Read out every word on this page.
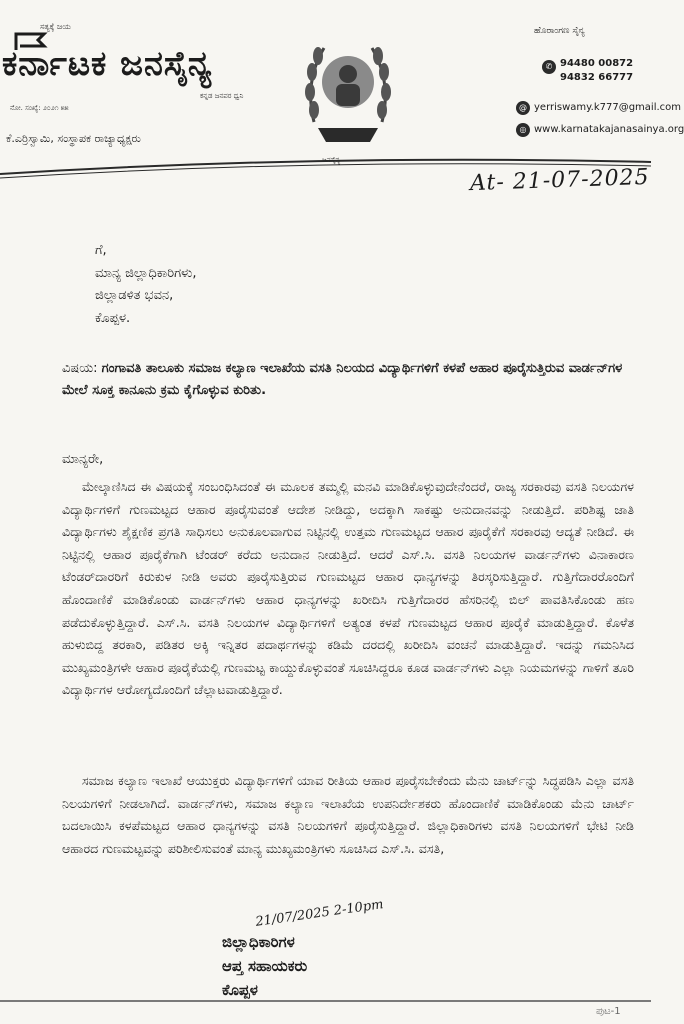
ಸತ್ಯಕ್ಕೆ ಜಯ
ಕರ್ನಾಟಕ ಜನಸೈನ್ಯ
ಕನ್ನಡ ಜನಪರ ಧ್ವನಿ
ನೋ. ಸಂಖ್ಯೆ: ೨೦೨೧ ೫೫
ಕೆ.ಎರ್ರಿಸ್ವಾಮಿ, ಸಂಸ್ಥಾಪಕ ರಾಜ್ಯಾಧ್ಯಕ್ಷರು
ಜನಸೈನ್ಯ
ಹೊರಾಂಗಣ ಸೈನ್ಯ
✆ 94480 00872
94832 66777
@ yerriswamy.k777@gmail.com
◎ www.karnatakajanasainya.org
At- 21-07-2025
ಗೆ,
ಮಾನ್ಯ ಜಿಲ್ಲಾಧಿಕಾರಿಗಳು,
ಜಿಲ್ಲಾಡಳಿತ ಭವನ,
ಕೊಪ್ಪಳ.
ವಿಷಯ: ಗಂಗಾವತಿ ತಾಲೂಕು ಸಮಾಜ ಕಲ್ಯಾಣ ಇಲಾಖೆಯ ವಸತಿ ನಿಲಯದ ವಿದ್ಯಾರ್ಥಿಗಳಿಗೆ ಕಳಪೆ ಆಹಾರ ಪೂರೈಸುತ್ತಿರುವ ವಾರ್ಡನ್‌ಗಳ ಮೇಲೆ ಸೂಕ್ತ ಕಾನೂನು ಕ್ರಮ ಕೈಗೊಳ್ಳುವ ಕುರಿತು.
ಮಾನ್ಯರೇ,
ಮೇಲ್ಕಾಣಿಸಿದ ಈ ವಿಷಯಕ್ಕೆ ಸಂಬಂಧಿಸಿದಂತೆ ಈ ಮೂಲಕ ತಮ್ಮಲ್ಲಿ ಮನವಿ ಮಾಡಿಕೊಳ್ಳುವುದೇನೆಂದರೆ, ರಾಜ್ಯ ಸರಕಾರವು ವಸತಿ ನಿಲಯಗಳ ವಿದ್ಯಾರ್ಥಿಗಳಿಗೆ ಗುಣಮಟ್ಟದ ಆಹಾರ ಪೂರೈಸುವಂತೆ ಆದೇಶ ನೀಡಿದ್ದು, ಅದಕ್ಕಾಗಿ ಸಾಕಷ್ಟು ಅನುದಾನವನ್ನು ನೀಡುತ್ತಿದೆ. ಪರಿಶಿಷ್ಟ ಜಾತಿ ವಿದ್ಯಾರ್ಥಿಗಳು ಶೈಕ್ಷಣಿಕ ಪ್ರಗತಿ ಸಾಧಿಸಲು ಅನುಕೂಲವಾಗುವ ನಿಟ್ಟಿನಲ್ಲಿ ಉತ್ತಮ ಗುಣಮಟ್ಟದ ಆಹಾರ ಪೂರೈಕೆಗೆ ಸರಕಾರವು ಆದ್ಯತೆ ನೀಡಿದೆ. ಈ ನಿಟ್ಟಿನಲ್ಲಿ ಆಹಾರ ಪೂರೈಕೆಗಾಗಿ ಟೆಂಡರ್ ಕರೆದು ಅನುದಾನ ನೀಡುತ್ತಿದೆ. ಆದರೆ ಎಸ್.ಸಿ. ವಸತಿ ನಿಲಯಗಳ ವಾರ್ಡನ್‌ಗಳು ವಿನಾಕಾರಣ ಟೆಂಡರ್‌ದಾರರಿಗೆ ಕಿರುಕುಳ ನೀಡಿ ಅವರು ಪೂರೈಸುತ್ತಿರುವ ಗುಣಮಟ್ಟದ ಆಹಾರ ಧಾನ್ಯಗಳನ್ನು ತಿರಸ್ಕರಿಸುತ್ತಿದ್ದಾರೆ. ಗುತ್ತಿಗೆದಾರರೊಂದಿಗೆ ಹೊಂದಾಣಿಕೆ ಮಾಡಿಕೊಂಡು ವಾರ್ಡನ್‌ಗಳು ಆಹಾರ ಧಾನ್ಯಗಳನ್ನು ಖರೀದಿಸಿ ಗುತ್ತಿಗೆದಾರರ ಹೆಸರಿನಲ್ಲಿ ಬಿಲ್ ಪಾವತಿಸಿಕೊಂಡು ಹಣ ಪಡೆದುಕೊಳ್ಳುತ್ತಿದ್ದಾರೆ. ಎಸ್.ಸಿ. ವಸತಿ ನಿಲಯಗಳ ವಿದ್ಯಾರ್ಥಿಗಳಿಗೆ ಅತ್ಯಂತ ಕಳಪೆ ಗುಣಮಟ್ಟದ ಆಹಾರ ಪೂರೈಕೆ ಮಾಡುತ್ತಿದ್ದಾರೆ. ಕೊಳೆತ ಹುಳುಬಿದ್ದ ತರಕಾರಿ, ಪಡಿತರ ಅಕ್ಕಿ ಇನ್ನಿತರ ಪದಾರ್ಥಗಳನ್ನು ಕಡಿಮೆ ದರದಲ್ಲಿ ಖರೀದಿಸಿ ವಂಚನೆ ಮಾಡುತ್ತಿದ್ದಾರೆ. ಇದನ್ನು ಗಮನಿಸಿದ ಮುಖ್ಯಮಂತ್ರಿಗಳೇ ಆಹಾರ ಪೂರೈಕೆಯಲ್ಲಿ ಗುಣಮಟ್ಟ ಕಾಯ್ದುಕೊಳ್ಳುವಂತೆ ಸೂಚಿಸಿದ್ದರೂ ಕೂಡ ವಾರ್ಡನ್‌ಗಳು ಎಲ್ಲಾ ನಿಯಮಗಳನ್ನು ಗಾಳಿಗೆ ತೂರಿ ವಿದ್ಯಾರ್ಥಿಗಳ ಆರೋಗ್ಯದೊಂದಿಗೆ ಚೆಲ್ಲಾಟವಾಡುತ್ತಿದ್ದಾರೆ.
ಸಮಾಜ ಕಲ್ಯಾಣ ಇಲಾಖೆ ಆಯುಕ್ತರು ವಿದ್ಯಾರ್ಥಿಗಳಿಗೆ ಯಾವ ರೀತಿಯ ಆಹಾರ ಪೂರೈಸಬೇಕೆಂದು ಮೆನು ಚಾರ್ಟ್‌ನ್ನು ಸಿದ್ಧಪಡಿಸಿ ಎಲ್ಲಾ ವಸತಿ ನಿಲಯಗಳಿಗೆ ನೀಡಲಾಗಿದೆ. ವಾರ್ಡನ್‌ಗಳು, ಸಮಾಜ ಕಲ್ಯಾಣ ಇಲಾಖೆಯ ಉಪನಿರ್ದೇಶಕರು ಹೊಂದಾಣಿಕೆ ಮಾಡಿಕೊಂಡು ಮೆನು ಚಾರ್ಟ್ ಬದಲಾಯಿಸಿ ಕಳಪೆಮಟ್ಟದ ಆಹಾರ ಧಾನ್ಯಗಳನ್ನು ವಸತಿ ನಿಲಯಗಳಿಗೆ ಪೂರೈಸುತ್ತಿದ್ದಾರೆ. ಜಿಲ್ಲಾಧಿಕಾರಿಗಳು ವಸತಿ ನಿಲಯಗಳಿಗೆ ಭೇಟಿ ನೀಡಿ ಆಹಾರದ ಗುಣಮಟ್ಟವನ್ನು ಪರಿಶೀಲಿಸುವಂತೆ ಮಾನ್ಯ ಮುಖ್ಯಮಂತ್ರಿಗಳು ಸೂಚಿಸಿದ ಎಸ್.ಸಿ. ವಸತಿ,
21/07/2025 2-10pm
ಜಿಲ್ಲಾಧಿಕಾರಿಗಳ
ಆಪ್ತ ಸಹಾಯಕರು
ಕೊಪ್ಪಳ
ಪುಟ-1
